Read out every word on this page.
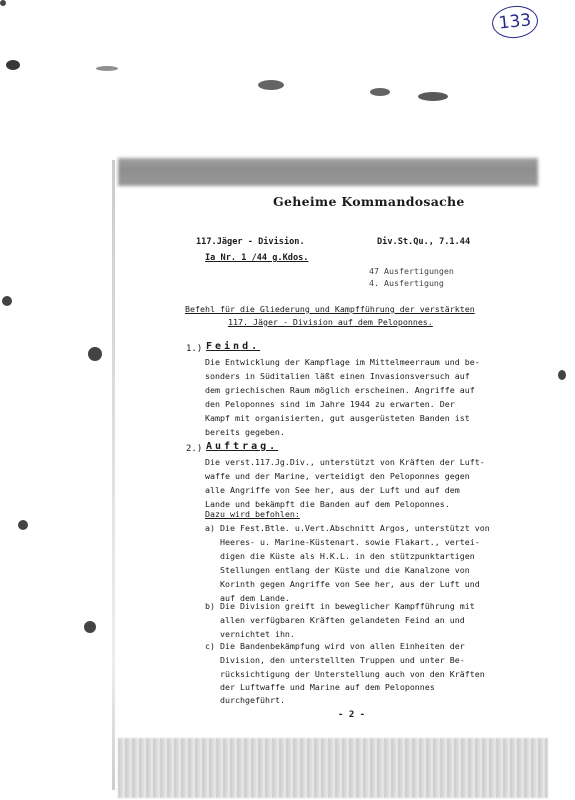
133
Geheime Kommandosache
117.Jäger - Division.
Ia Nr. 1 /44 g.Kdos.
Div.St.Qu., 7.1.44
47 Ausfertigungen
4. Ausfertigung
Befehl für die Gliederung und Kampfführung der verstärkten
117. Jäger - Division auf dem Peloponnes.
1.) Feind.
Die Entwicklung der Kampflage im Mittelmeerraum und be-
sonders in Süditalien läßt einen Invasionsversuch auf
dem griechischen Raum möglich erscheinen. Angriffe auf
den Peloponnes sind im Jahre 1944 zu erwarten. Der
Kampf mit organisierten, gut ausgerüsteten Banden ist
bereits gegeben.
2.) Auftrag.
Die verst.117.Jg.Div., unterstützt von Kräften der Luft-
waffe und der Marine, verteidigt den Peloponnes gegen
alle Angriffe von See her, aus der Luft und auf dem
Lande und bekämpft die Banden auf dem Peloponnes.
Dazu wird befohlen:
a) Die Fest.Btle. u.Vert.Abschnitt Argos, unterstützt von
Heeres- u. Marine-Küstenart. sowie Flakart., vertei-
digen die Küste als H.K.L. in den stützpunktartigen
Stellungen entlang der Küste und die Kanalzone von
Korinth gegen Angriffe von See her, aus der Luft und
auf dem Lande.
b) Die Division greift in beweglicher Kampfführung mit
allen verfügbaren Kräften gelandeten Feind an und
vernichtet ihn.
c) Die Bandenbekämpfung wird von allen Einheiten der
Division, den unterstellten Truppen und unter Be-
rücksichtigung der Unterstellung auch von den Kräften
der Luftwaffe und Marine auf dem Peloponnes
durchgeführt.
- 2 -
